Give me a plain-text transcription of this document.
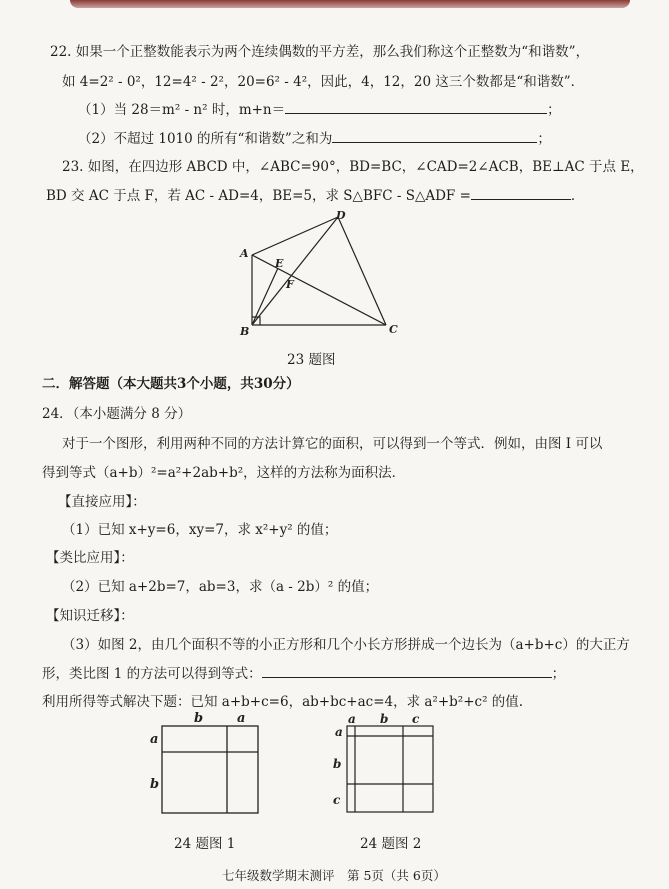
22. 如果一个正整数能表示为两个连续偶数的平方差，那么我们称这个正整数为“和谐数”，
如 4=2² - 0²，12=4² - 2²，20=6² - 4²，因此，4，12，20 这三个数都是“和谐数”．
（1）当 28＝m² - n² 时，m+n＝	；
（2）不超过 1010 的所有“和谐数”之和为	；
23. 如图，在四边形 ABCD 中，∠ABC=90°，BD=BC，∠CAD=2∠ACB，BE⊥AC 于点 E，
BD 交 AC 于点 F，若 AC - AD=4，BE=5，求 S△BFC - S△ADF =	．
A
B	C
D
E
F
23 题图
二．解答题（本大题共3个小题，共30分）
24．（本小题满分 8 分）
对于一个图形，利用两种不同的方法计算它的面积，可以得到一个等式．例如，由图 I 可以
得到等式（a+b）²=a²+2ab+b²，这样的方法称为面积法．
【直接应用】：
（1）已知 x+y=6，xy=7，求 x²+y² 的值；
【类比应用】：
（2）已知 a+2b=7，ab=3，求（a - 2b）² 的值；
【知识迁移】：
（3）如图 2，由几个面积不等的小正方形和几个小长方形拼成一个边长为（a+b+c）的大正方
形，类比图 1 的方法可以得到等式：	；
利用所得等式解决下题：已知 a+b+c=6，ab+bc+ac=4，求 a²+b²+c² 的值.
b	a
a
b
24 题图 1
a b c
a
b
c
24 题图 2
七年级数学期末测评　第 5页（共 6页）
